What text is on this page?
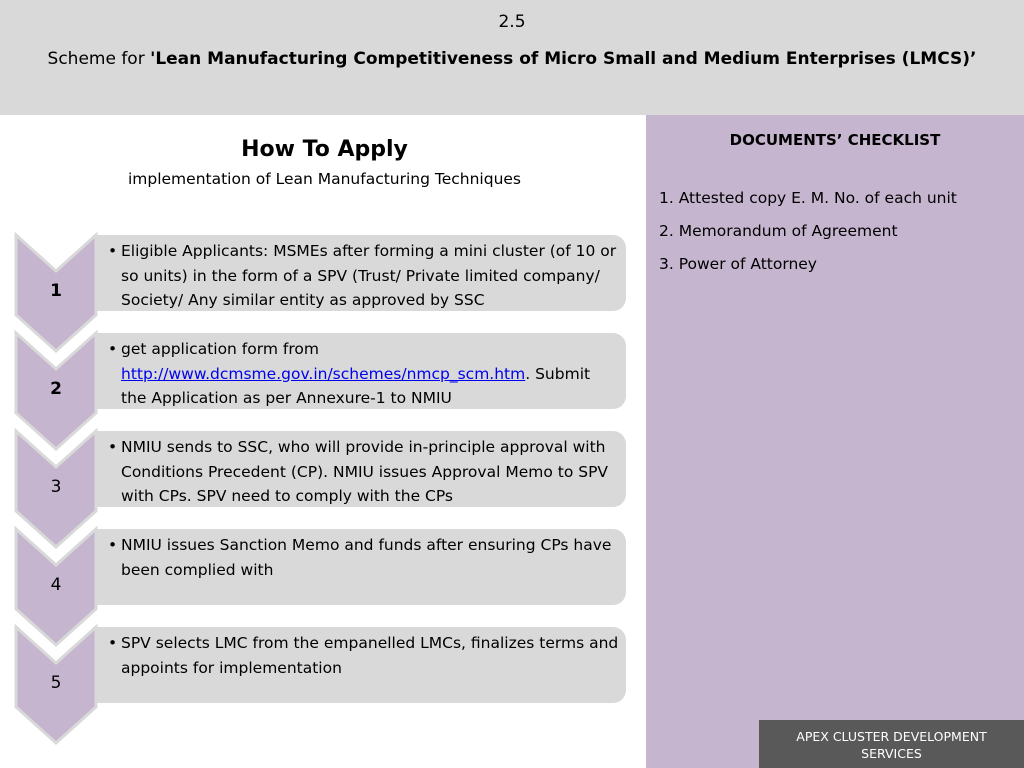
2.5
Scheme for 'Lean Manufacturing Competitiveness of Micro Small and Medium Enterprises (LMCS)’
How To Apply
implementation of Lean Manufacturing Techniques
1
• Eligible Applicants: MSMEs after forming a mini cluster (of 10 or so units) in the form of a SPV (Trust/ Private limited company/ Society/ Any similar entity as approved by SSC
2
• get application form from http://www.dcmsme.gov.in/schemes/nmcp_scm.htm. Submit the Application as per Annexure-1 to NMIU
3
• NMIU sends to SSC, who will provide in-principle approval with Conditions Precedent (CP). NMIU issues Approval Memo to SPV with CPs. SPV need to comply with the CPs
4
• NMIU issues Sanction Memo and funds after ensuring CPs have been complied with
5
• SPV selects LMC from the empanelled LMCs, finalizes terms and appoints for implementation
DOCUMENTS’ CHECKLIST
1. Attested copy E. M. No. of each unit
2. Memorandum of Agreement
3. Power of Attorney
APEX CLUSTER DEVELOPMENT SERVICES
